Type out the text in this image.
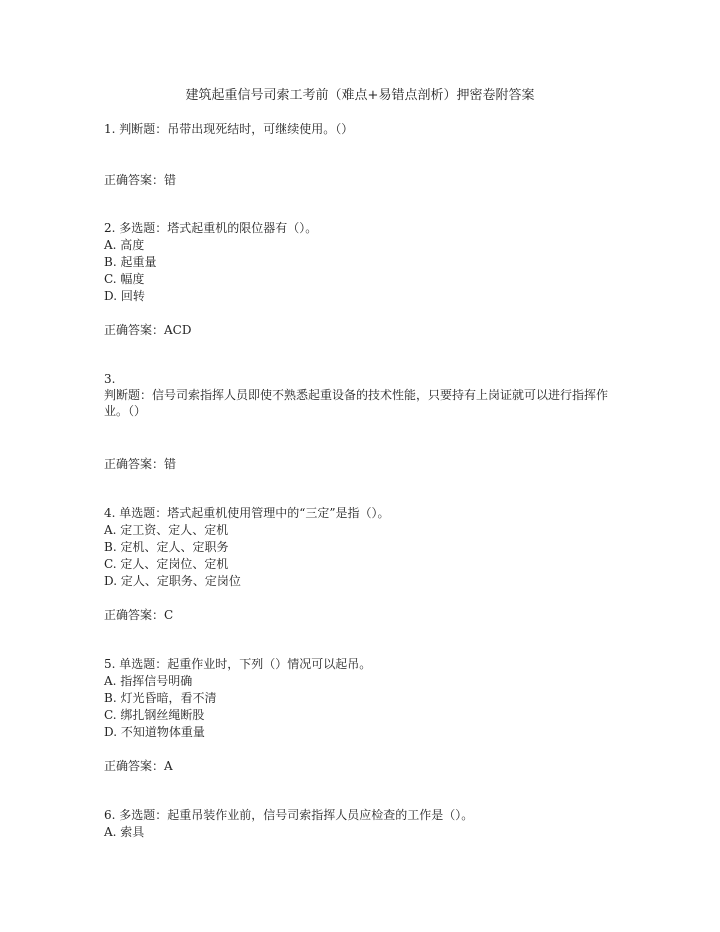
建筑起重信号司索工考前（难点+易错点剖析）押密卷附答案
1. 判断题：吊带出现死结时，可继续使用。（）
正确答案：错
2. 多选题：塔式起重机的限位器有（）。
A. 高度
B. 起重量
C. 幅度
D. 回转
正确答案：ACD
3.
判断题：信号司索指挥人员即使不熟悉起重设备的技术性能，只要持有上岗证就可以进行指挥作业。（）
正确答案：错
4. 单选题：塔式起重机使用管理中的“三定”是指（）。
A. 定工资、定人、定机
B. 定机、定人、定职务
C. 定人、定岗位、定机
D. 定人、定职务、定岗位
正确答案：C
5. 单选题：起重作业时，下列（）情况可以起吊。
A. 指挥信号明确
B. 灯光昏暗，看不清
C. 绑扎钢丝绳断股
D. 不知道物体重量
正确答案：A
6. 多选题：起重吊装作业前，信号司索指挥人员应检查的工作是（）。
A. 索具
